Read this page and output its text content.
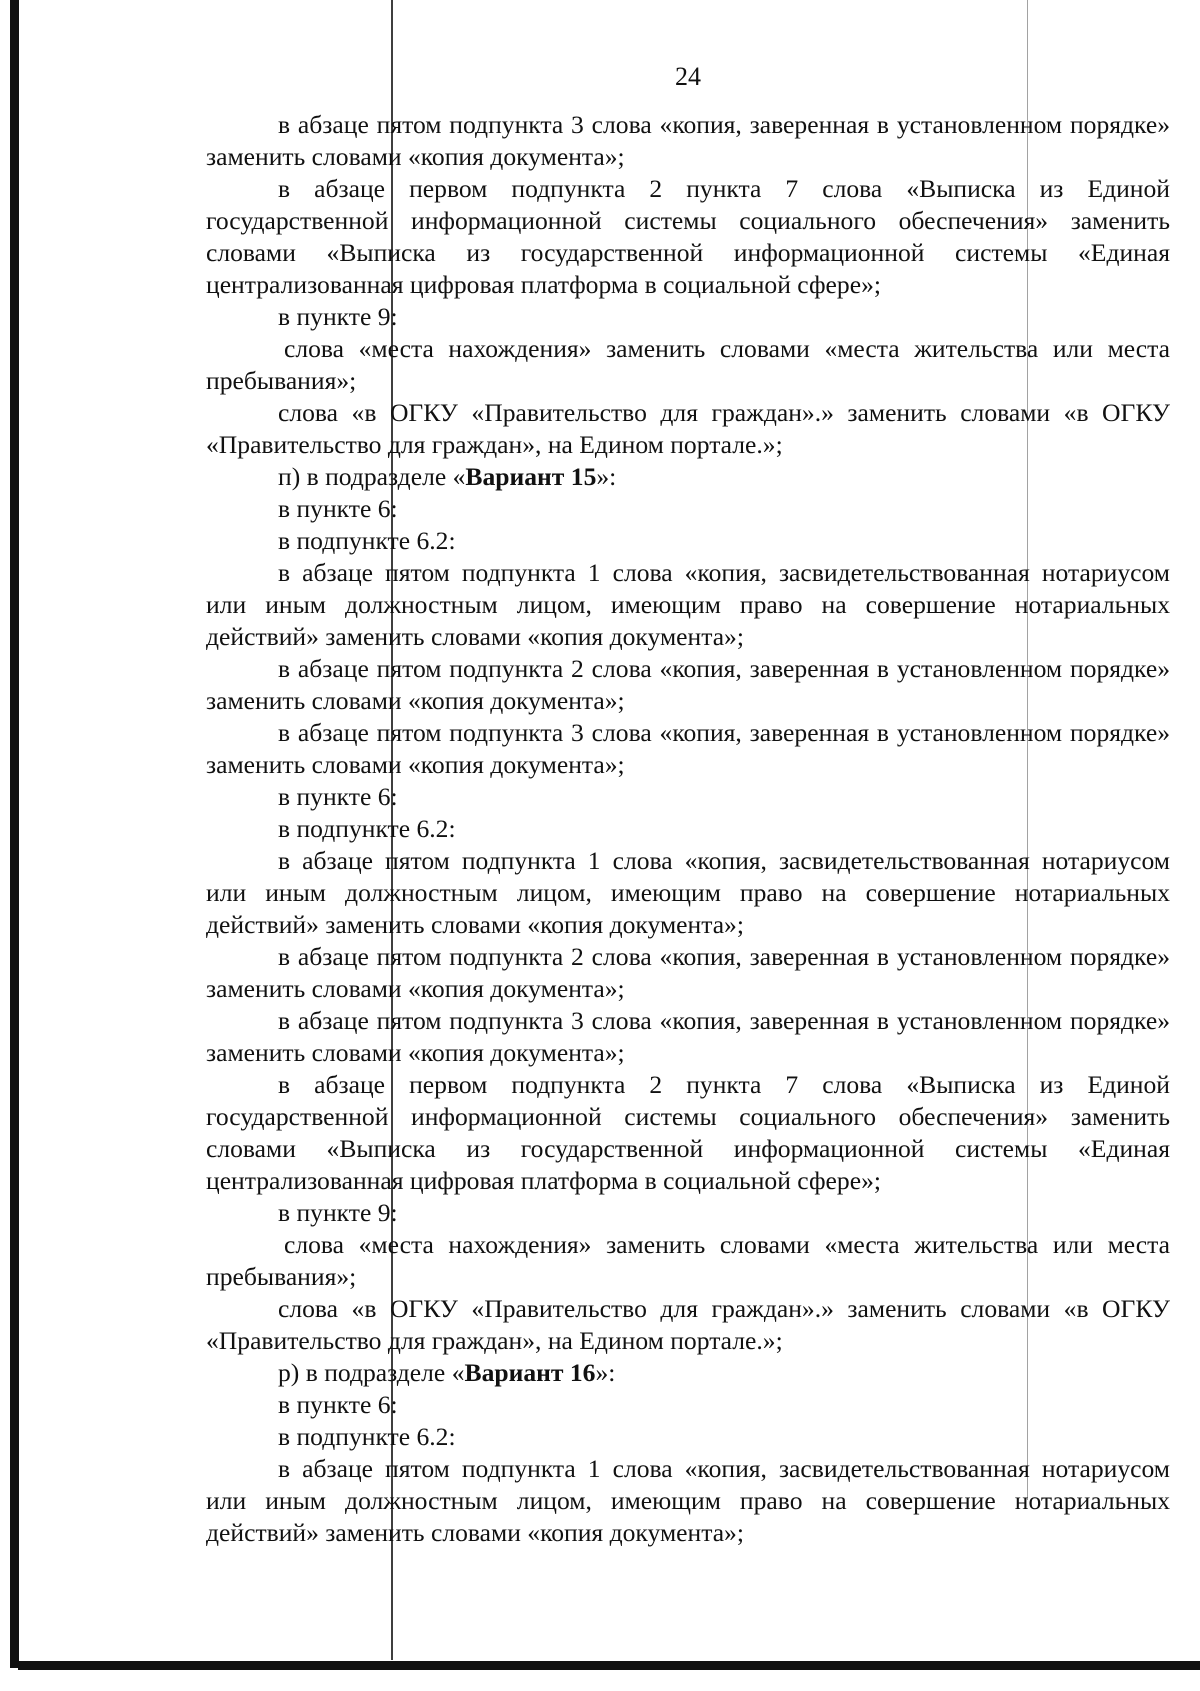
24

в абзаце пятом подпункта 3 слова «копия, заверенная в установленном порядке» заменить словами «копия документа»;

в абзаце первом подпункта 2 пункта 7 слова «Выписка из Единой государственной информационной системы социального обеспечения» заменить словами «Выписка из государственной информационной системы «Единая централизованная цифровая платформа в социальной сфере»;

в пункте 9:

слова «места нахождения» заменить словами «места жительства или места пребывания»;

слова «в ОГКУ «Правительство для граждан».» заменить словами «в ОГКУ «Правительство для граждан», на Едином портале.»;

п) в подразделе «Вариант 15»:

в пункте 6:

в подпункте 6.2:

в абзаце пятом подпункта 1 слова «копия, засвидетельствованная нотариусом или иным должностным лицом, имеющим право на совершение нотариальных действий» заменить словами «копия документа»;

в абзаце пятом подпункта 2 слова «копия, заверенная в установленном порядке» заменить словами «копия документа»;

в абзаце пятом подпункта 3 слова «копия, заверенная в установленном порядке» заменить словами «копия документа»;

в пункте 6:

в подпункте 6.2:

в абзаце пятом подпункта 1 слова «копия, засвидетельствованная нотариусом или иным должностным лицом, имеющим право на совершение нотариальных действий» заменить словами «копия документа»;

в абзаце пятом подпункта 2 слова «копия, заверенная в установленном порядке» заменить словами «копия документа»;

в абзаце пятом подпункта 3 слова «копия, заверенная в установленном порядке» заменить словами «копия документа»;

в абзаце первом подпункта 2 пункта 7 слова «Выписка из Единой государственной информационной системы социального обеспечения» заменить словами «Выписка из государственной информационной системы «Единая централизованная цифровая платформа в социальной сфере»;

в пункте 9:

слова «места нахождения» заменить словами «места жительства или места пребывания»;

слова «в ОГКУ «Правительство для граждан».» заменить словами «в ОГКУ «Правительство для граждан», на Едином портале.»;

р) в подразделе «Вариант 16»:

в пункте 6:

в подпункте 6.2:

в абзаце пятом подпункта 1 слова «копия, засвидетельствованная нотариусом или иным должностным лицом, имеющим право на совершение нотариальных действий» заменить словами «копия документа»;
